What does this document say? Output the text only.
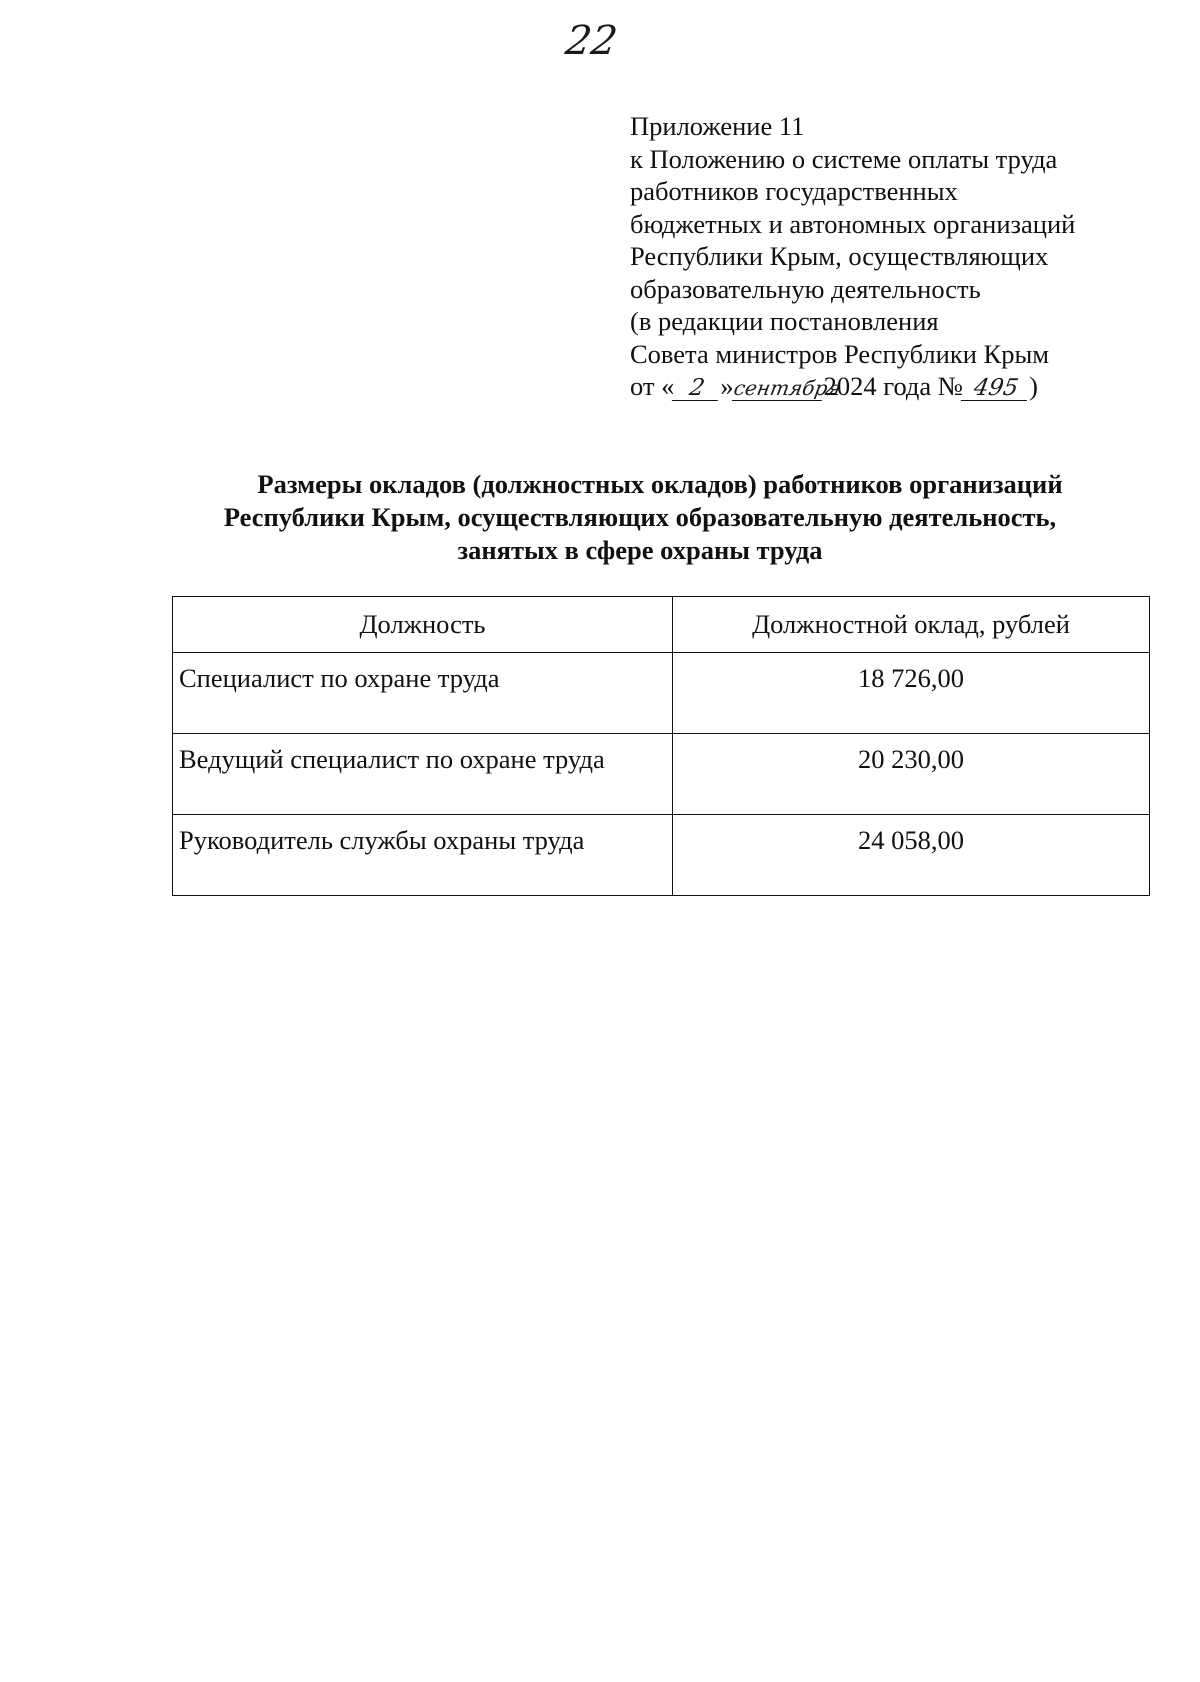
22
Приложение 11
к Положению о системе оплаты труда
работников государственных
бюджетных и автономных организаций
Республики Крым, осуществляющих
образовательную деятельность
(в редакции постановления
Совета министров Республики Крым
от « 2 »сентября2024 года № 495 )
Размеры окладов (должностных окладов) работников организаций
Республики Крым, осуществляющих образовательную деятельность,
занятых в сфере охраны труда
Должность	Должностной оклад, рублей
Специалист по охране труда	18 726,00
Ведущий специалист по охране труда	20 230,00
Руководитель службы охраны труда	24 058,00
